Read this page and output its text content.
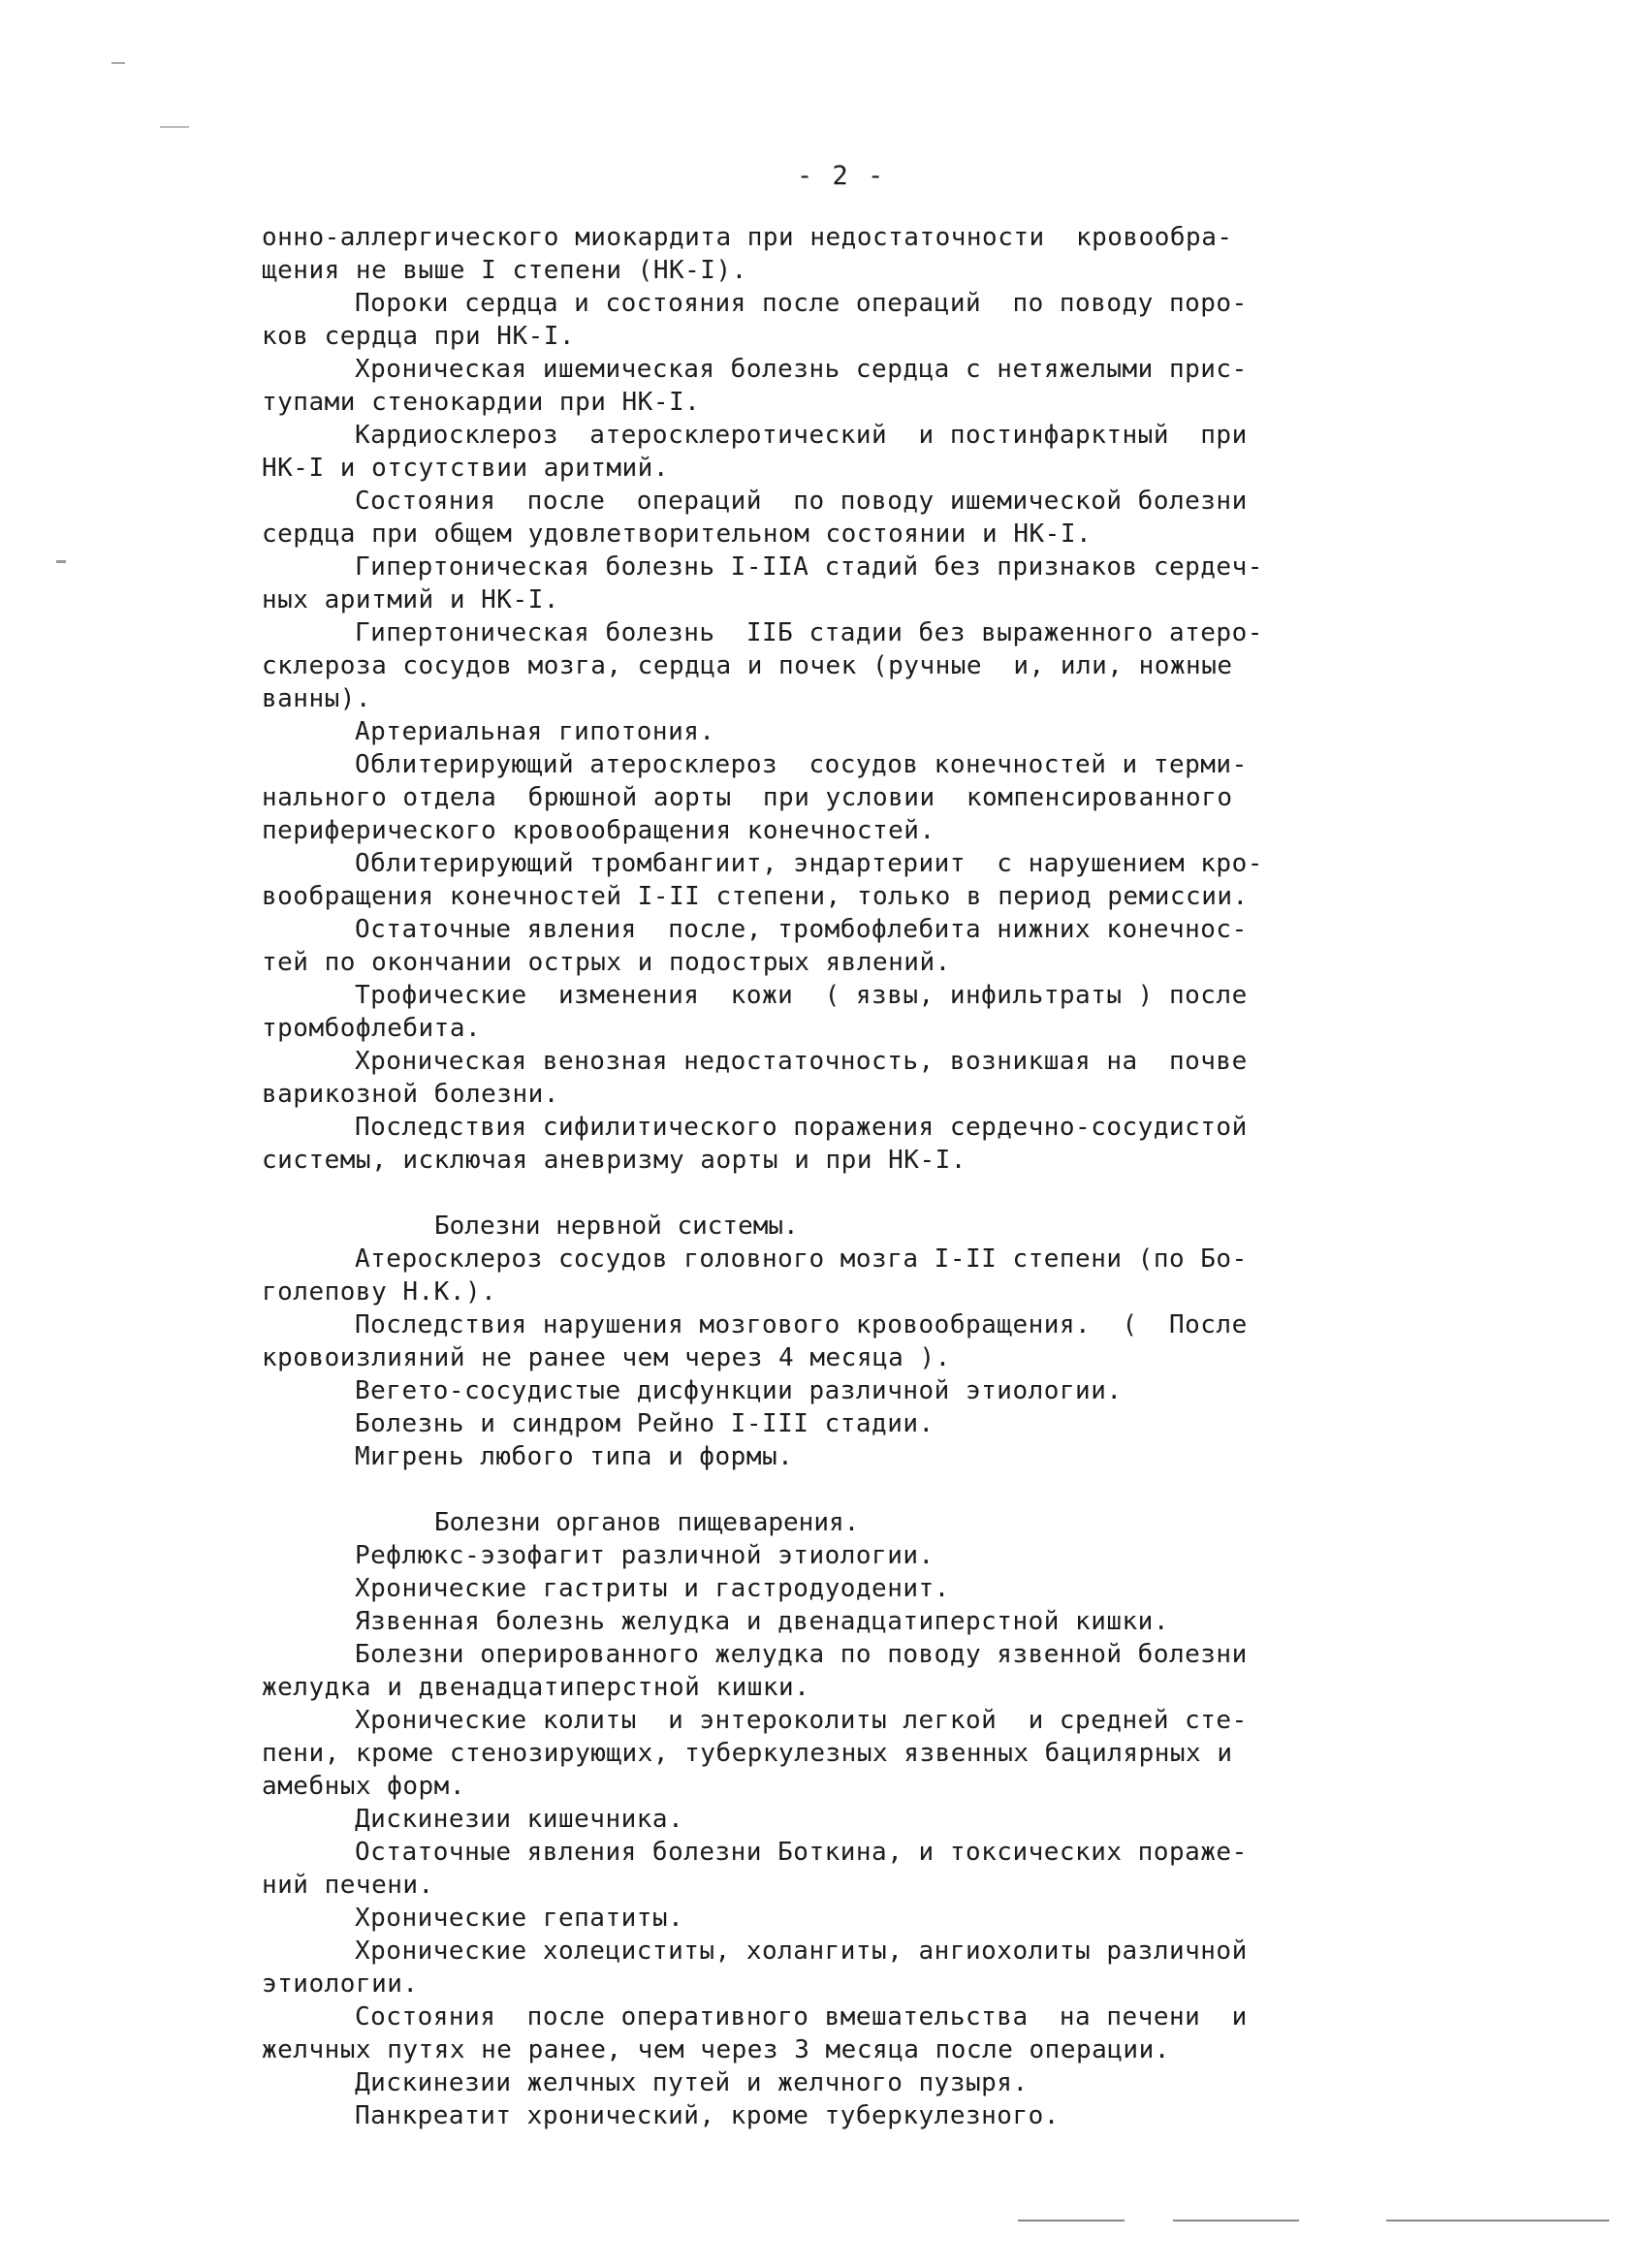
- 2 -
онно-аллергического миокардита при недостаточности  кровообра-
щения не выше I степени (НК-I).
Пороки сердца и состояния после операций  по поводу поро-
ков сердца при НК-I.
Хроническая ишемическая болезнь сердца с нетяжелыми прис-
тупами стенокардии при НК-I.
Кардиосклероз  атеросклеротический  и постинфарктный  при
НК-I и отсутствии аритмий.
Состояния  после  операций  по поводу ишемической болезни
сердца при общем удовлетворительном состоянии и НК-I.
Гипертоническая болезнь I-IIA стадий без признаков сердеч-
ных аритмий и НК-I.
Гипертоническая болезнь  IIБ стадии без выраженного атеро-
склероза сосудов мозга, сердца и почек (ручные  и, или, ножные
ванны).
Артериальная гипотония.
Облитерирующий атеросклероз  сосудов конечностей и терми-
нального отдела  брюшной аорты  при условии  компенсированного
периферического кровообращения конечностей.
Облитерирующий тромбангиит, эндартериит  с нарушением кро-
вообращения конечностей I-II степени, только в период ремиссии.
Остаточные явления  после, тромбофлебита нижних конечнос-
тей по окончании острых и подострых явлений.
Трофические  изменения  кожи  ( язвы, инфильтраты ) после
тромбофлебита.
Хроническая венозная недостаточность, возникшая на  почве
варикозной болезни.
Последствия сифилитического поражения сердечно-сосудистой
системы, исключая аневризму аорты и при НК-I.
Болезни нервной системы.
Атеросклероз сосудов головного мозга I-II степени (по Бо-
голепову Н.К.).
Последствия нарушения мозгового кровообращения.  (  После
кровоизлияний не ранее чем через 4 месяца ).
Вегето-сосудистые дисфункции различной этиологии.
Болезнь и синдром Рейно I-III стадии.
Мигрень любого типа и формы.
Болезни органов пищеварения.
Рефлюкс-эзофагит различной этиологии.
Хронические гастриты и гастродуоденит.
Язвенная болезнь желудка и двенадцатиперстной кишки.
Болезни оперированного желудка по поводу язвенной болезни
желудка и двенадцатиперстной кишки.
Хронические колиты  и энтероколиты легкой  и средней сте-
пени, кроме стенозирующих, туберкулезных язвенных бацилярных и
амебных форм.
Дискинезии кишечника.
Остаточные явления болезни Боткина, и токсических пораже-
ний печени.
Хронические гепатиты.
Хронические холециститы, холангиты, ангиохолиты различной
этиологии.
Состояния  после оперативного вмешательства  на печени  и
желчных путях не ранее, чем через 3 месяца после операции.
Дискинезии желчных путей и желчного пузыря.
Панкреатит хронический, кроме туберкулезного.
